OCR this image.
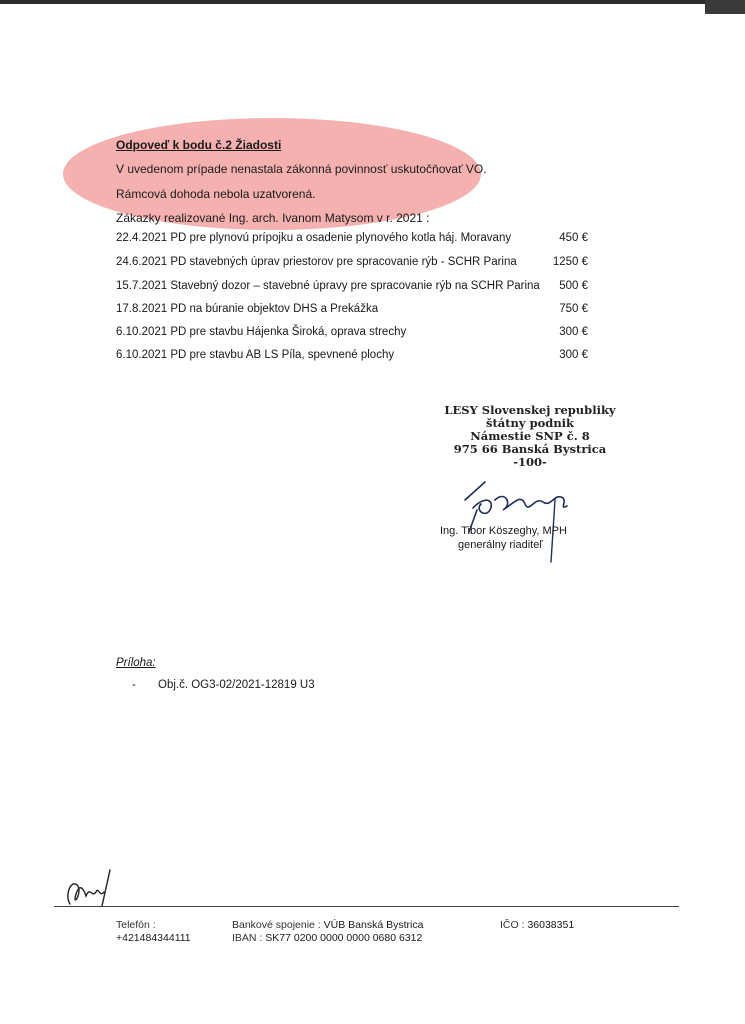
Odpoveď k bodu č.2 Žiadosti
V uvedenom prípade nenastala zákonná povinnosť uskutočňovať VO.
Rámcová dohoda nebola uzatvorená.
Zákazky realizované Ing. arch. Ivanom Matysom v r. 2021 :
22.4.2021 PD pre plynovú prípojku a osadenie plynového kotla háj. Moravany	450 €
24.6.2021 PD stavebných úprav priestorov pre spracovanie rýb - SCHR Parina	1250 €
15.7.2021 Stavebný dozor – stavebné úpravy pre spracovanie rýb na SCHR Parina 500 €
17.8.2021 PD na búranie objektov DHS a Prekážka	750 €
6.10.2021 PD pre stavbu Hájenka Široká, oprava strechy	300 €
6.10.2021 PD pre stavbu AB LS Píla, spevnené plochy	300 €
LESY Slovenskej republiky
štátny podnik
Námestie SNP č. 8
975 66 Banská Bystrica
-100-
Ing. Tibor Köszeghy, MPH
generálny riaditeľ
Príloha:
- Obj.č. OG3-02/2021-12819 U3
Telefón :
+421484344111
Bankové spojenie : VÚB Banská Bystrica
IBAN : SK77 0200 0000 0000 0680 6312
IČO : 36038351
